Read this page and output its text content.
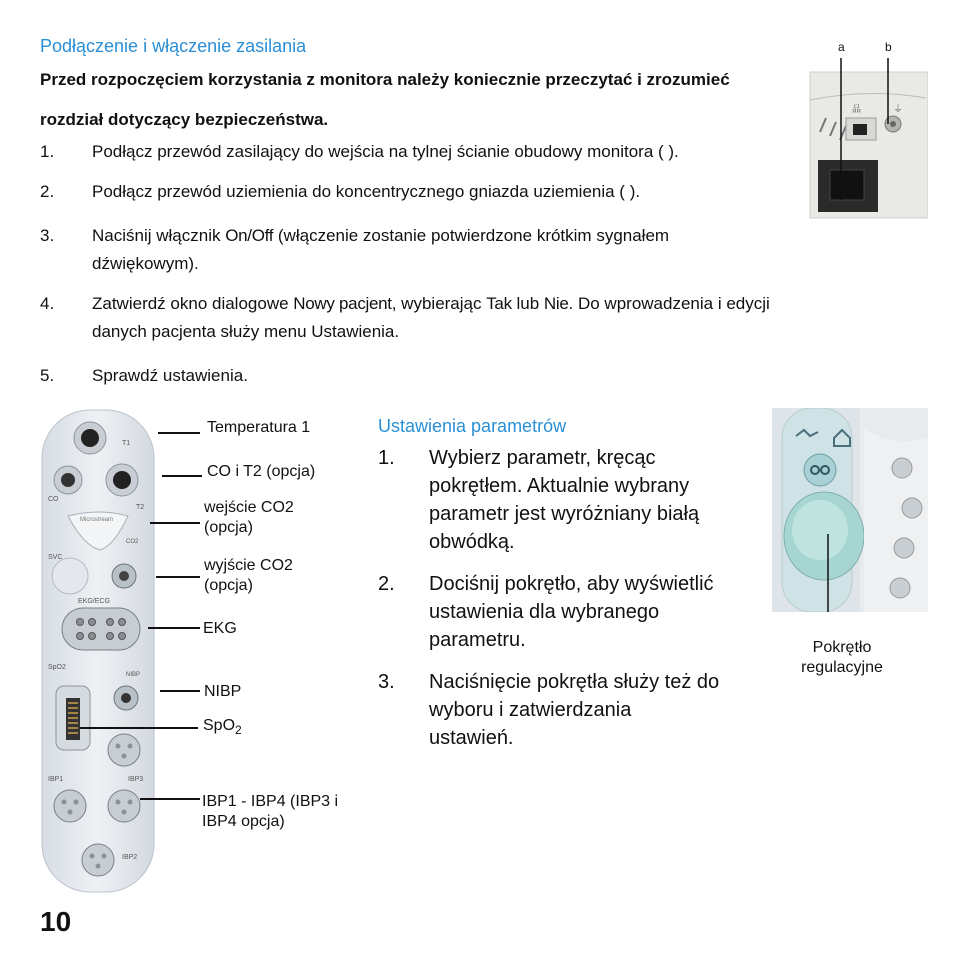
Podłączenie i włączenie zasilania
Przed rozpoczęciem korzystania z monitora należy koniecznie przeczytać i zrozumieć
rozdział dotyczący bezpieczeństwa.
1. Podłącz przewód zasilający do wejścia na tylnej ścianie obudowy monitora ( ).
2. Podłącz przewód uziemienia do koncentrycznego gniazda uziemienia ( ).
3. Naciśnij włącznik On/Off (włączenie zostanie potwierdzone krótkim sygnałem
dźwiękowym).
4. Zatwierdź okno dialogowe Nowy pacjent, wybierając Tak lub Nie. Do wprowadzenia i edycji
danych pacjenta służy menu Ustawienia.
5. Sprawdź ustawienia.
a	b
品	⏚
T1
CO
T2
Microstream
CO2
SVC
EKG/ECG
SpO2
NIBP
IBP1	IBP3
IBP2
Temperatura 1
CO i T2 (opcja)
wejście CO2
(opcja)
wyjście CO2
(opcja)
EKG
NIBP
SpO$_2$
IBP1 - IBP4 (IBP3 i
IBP4 opcja)
Ustawienia parametrów
1. Wybierz parametr, kręcąc
pokrętłem. Aktualnie wybrany
parametr jest wyróżniany białą
obwódką.
2. Dociśnij pokrętło, aby wyświetlić
ustawienia dla wybranego
parametru.
3. Naciśnięcie pokrętła służy też do
wyboru i zatwierdzania
ustawień.
Pokrętło
regulacyjne
10
